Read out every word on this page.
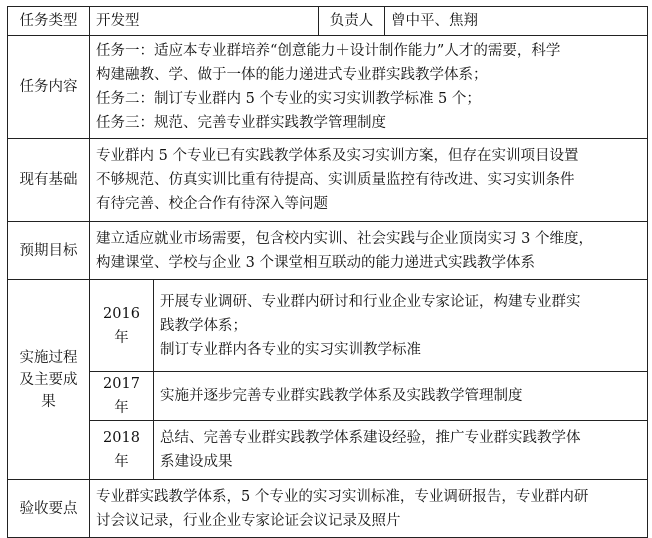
任务类型	开发型		负责人	曾中平、焦翔
任务内容	任务一：适应本专业群培养“创意能力＋设计制作能力”人才的需要，科学
构建融教、学、做于一体的能力递进式专业群实践教学体系；
任务二：制订专业群内 5 个专业的实习实训教学标准 5 个；
任务三：规范、完善专业群实践教学管理制度			

现有基础	专业群内 5 个专业已有实践教学体系及实习实训方案，但存在实训项目设置
不够规范、仿真实训比重有待提高、实训质量监控有待改进、实习实训条件
有待完善、校企合作有待深入等问题			

预期目标	建立适应就业市场需要，包含校内实训、社会实践与企业顶岗实习 3 个维度，
构建课堂、学校与企业 3 个课堂相互联动的能力递进式实践教学体系			

实施过程
及主要成
果	2016 年	开展专业调研、专业群内研讨和行业企业专家论证，构建专业群实
践教学体系；
制订专业群内各专业的实习实训教学标准		

	2017 年	实施并逐步完善专业群实践教学体系及实践教学管理制度		

	2018 年	总结、完善专业群实践教学体系建设经验，推广专业群实践教学体
系建设成果		

验收要点	专业群实践教学体系，5 个专业的实习实训标准，专业调研报告，专业群内研
讨会议记录，行业企业专家论证会议记录及照片			
